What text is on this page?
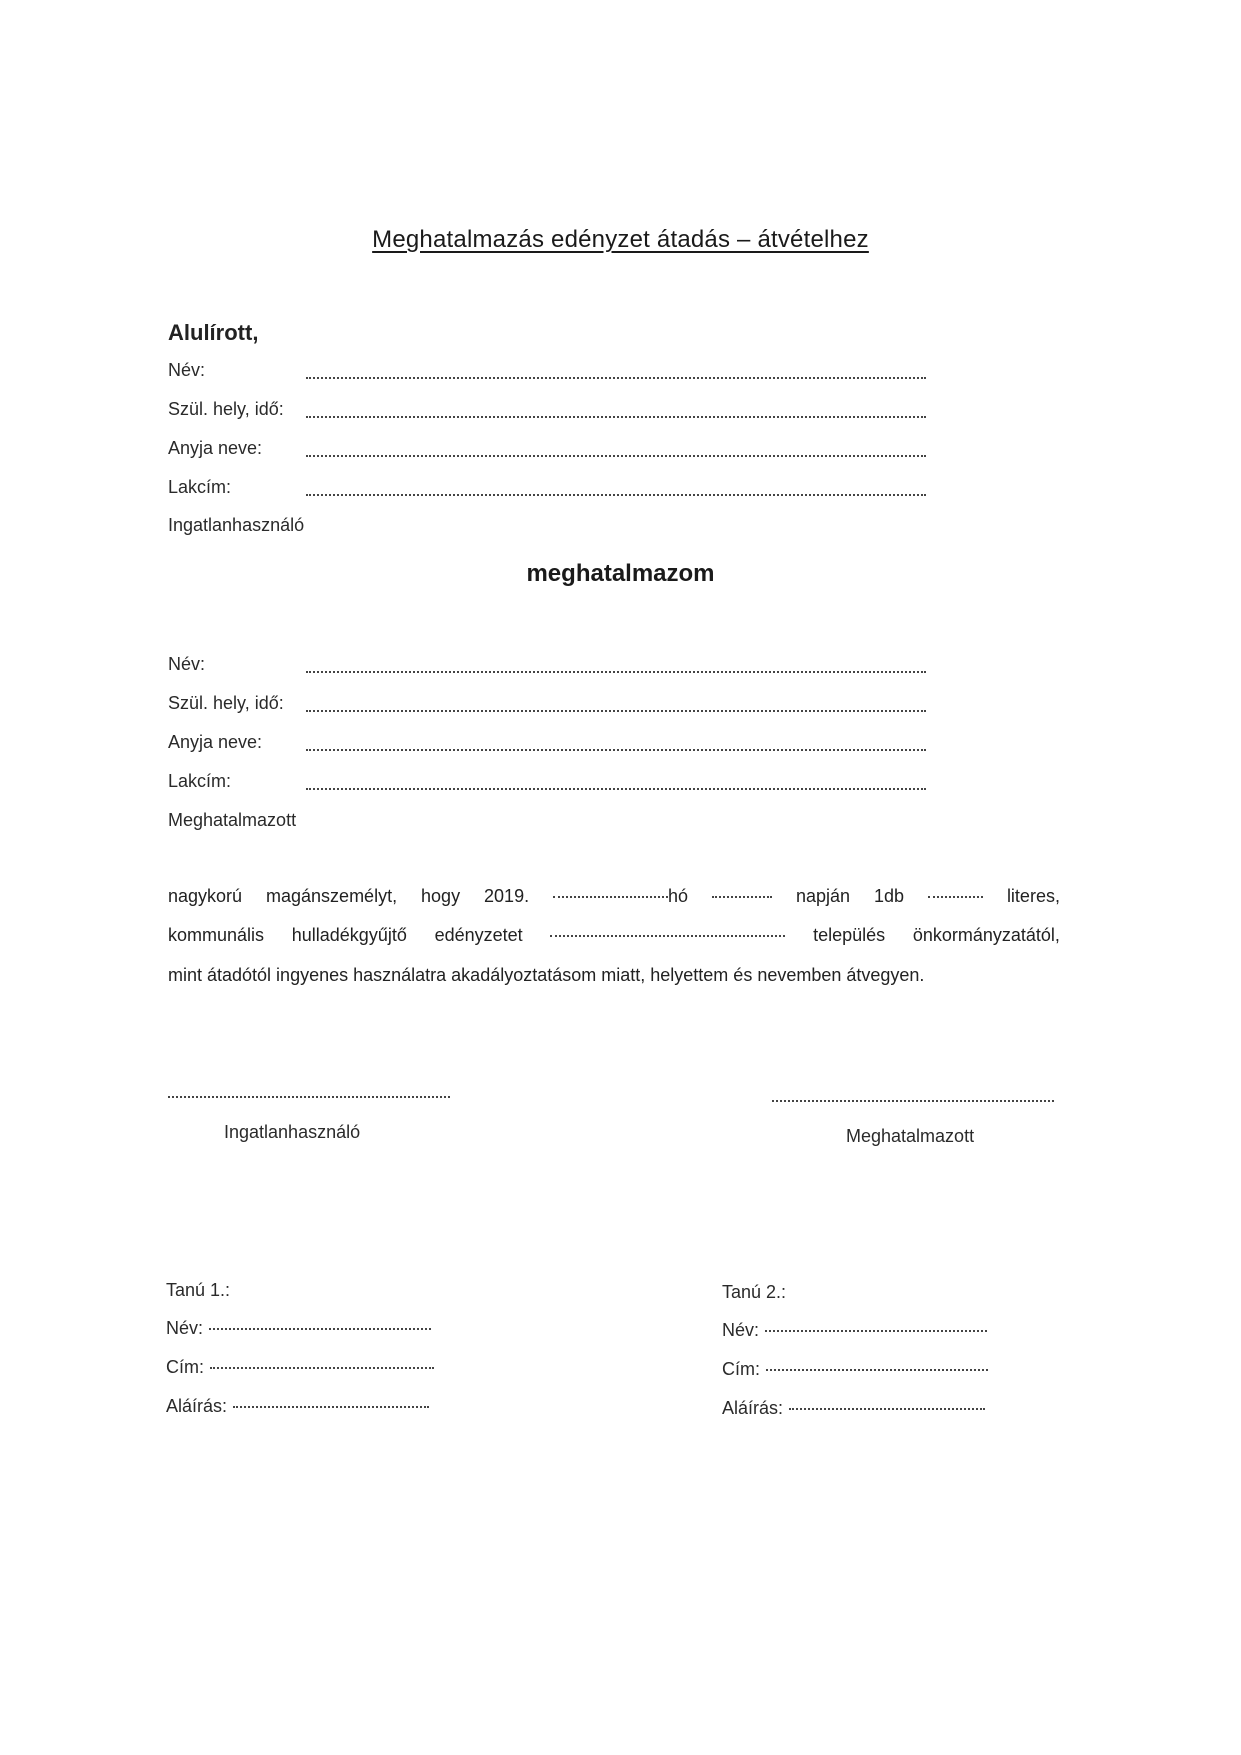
Meghatalmazás edényzet átadás – átvételhez
Alulírott,
Név:
Szül. hely, idő:
Anyja neve:
Lakcím:
Ingatlanhasználó
meghatalmazom
Név:
Szül. hely, idő:
Anyja neve:
Lakcím:
Meghatalmazott
nagykorú magánszemélyt, hogy 2019.	hó	napján 1db	literes,
kommunális hulladékgyűjtő edényzetet	település önkormányzatától,
mint átadótól ingyenes használatra akadályoztatásom miatt, helyettem és nevemben átvegyen.
Ingatlanhasználó	Meghatalmazott
Tanú 1.:
Név:
Cím:
Aláírás:
Tanú 2.:
Név:
Cím:
Aláírás:
